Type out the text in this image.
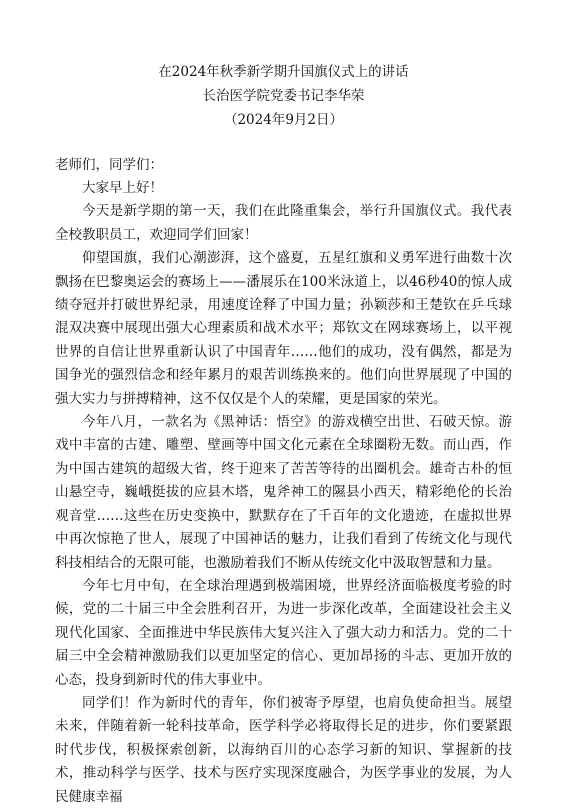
在2024年秋季新学期升国旗仪式上的讲话
长治医学院党委书记李华荣
（2024年9月2日）
老师们，同学们：

大家早上好！

今天是新学期的第一天，我们在此隆重集会，举行升国旗仪式。我代表全校教职员工，欢迎同学们回家！

仰望国旗，我们心潮澎湃，这个盛夏，五星红旗和义勇军进行曲数十次飘扬在巴黎奥运会的赛场上——潘展乐在100米泳道上，以46秒40的惊人成绩夺冠并打破世界纪录，用速度诠释了中国力量；孙颖莎和王楚钦在乒乓球混双决赛中展现出强大心理素质和战术水平；郑钦文在网球赛场上，以平视世界的自信让世界重新认识了中国青年……他们的成功，没有偶然，都是为国争光的强烈信念和经年累月的艰苦训练换来的。他们向世界展现了中国的强大实力与拼搏精神，这不仅仅是个人的荣耀，更是国家的荣光。

今年八月，一款名为《黑神话：悟空》的游戏横空出世、石破天惊。游戏中丰富的古建、雕塑、壁画等中国文化元素在全球圈粉无数。而山西，作为中国古建筑的超级大省，终于迎来了苦苦等待的出圈机会。雄奇古朴的恒山悬空寺，巍峨挺拔的应县木塔，鬼斧神工的隰县小西天，精彩绝伦的长治观音堂……这些在历史变换中，默默存在了千百年的文化遗迹，在虚拟世界中再次惊艳了世人，展现了中国神话的魅力，让我们看到了传统文化与现代科技相结合的无限可能，也激励着我们不断从传统文化中汲取智慧和力量。

今年七月中旬，在全球治理遇到极端困境，世界经济面临极度考验的时候，党的二十届三中全会胜利召开，为进一步深化改革，全面建设社会主义现代化国家、全面推进中华民族伟大复兴注入了强大动力和活力。党的二十届三中全会精神激励我们以更加坚定的信心、更加昂扬的斗志、更加开放的心态，投身到新时代的伟大事业中。

同学们！作为新时代的青年，你们被寄予厚望，也肩负使命担当。展望未来，伴随着新一轮科技革命，医学科学必将取得长足的进步，你们要紧跟时代步伐，积极探索创新，以海纳百川的心态学习新的知识、掌握新的技术，推动科学与医学、技术与医疗实现深度融合，为医学事业的发展，为人民健康幸福
